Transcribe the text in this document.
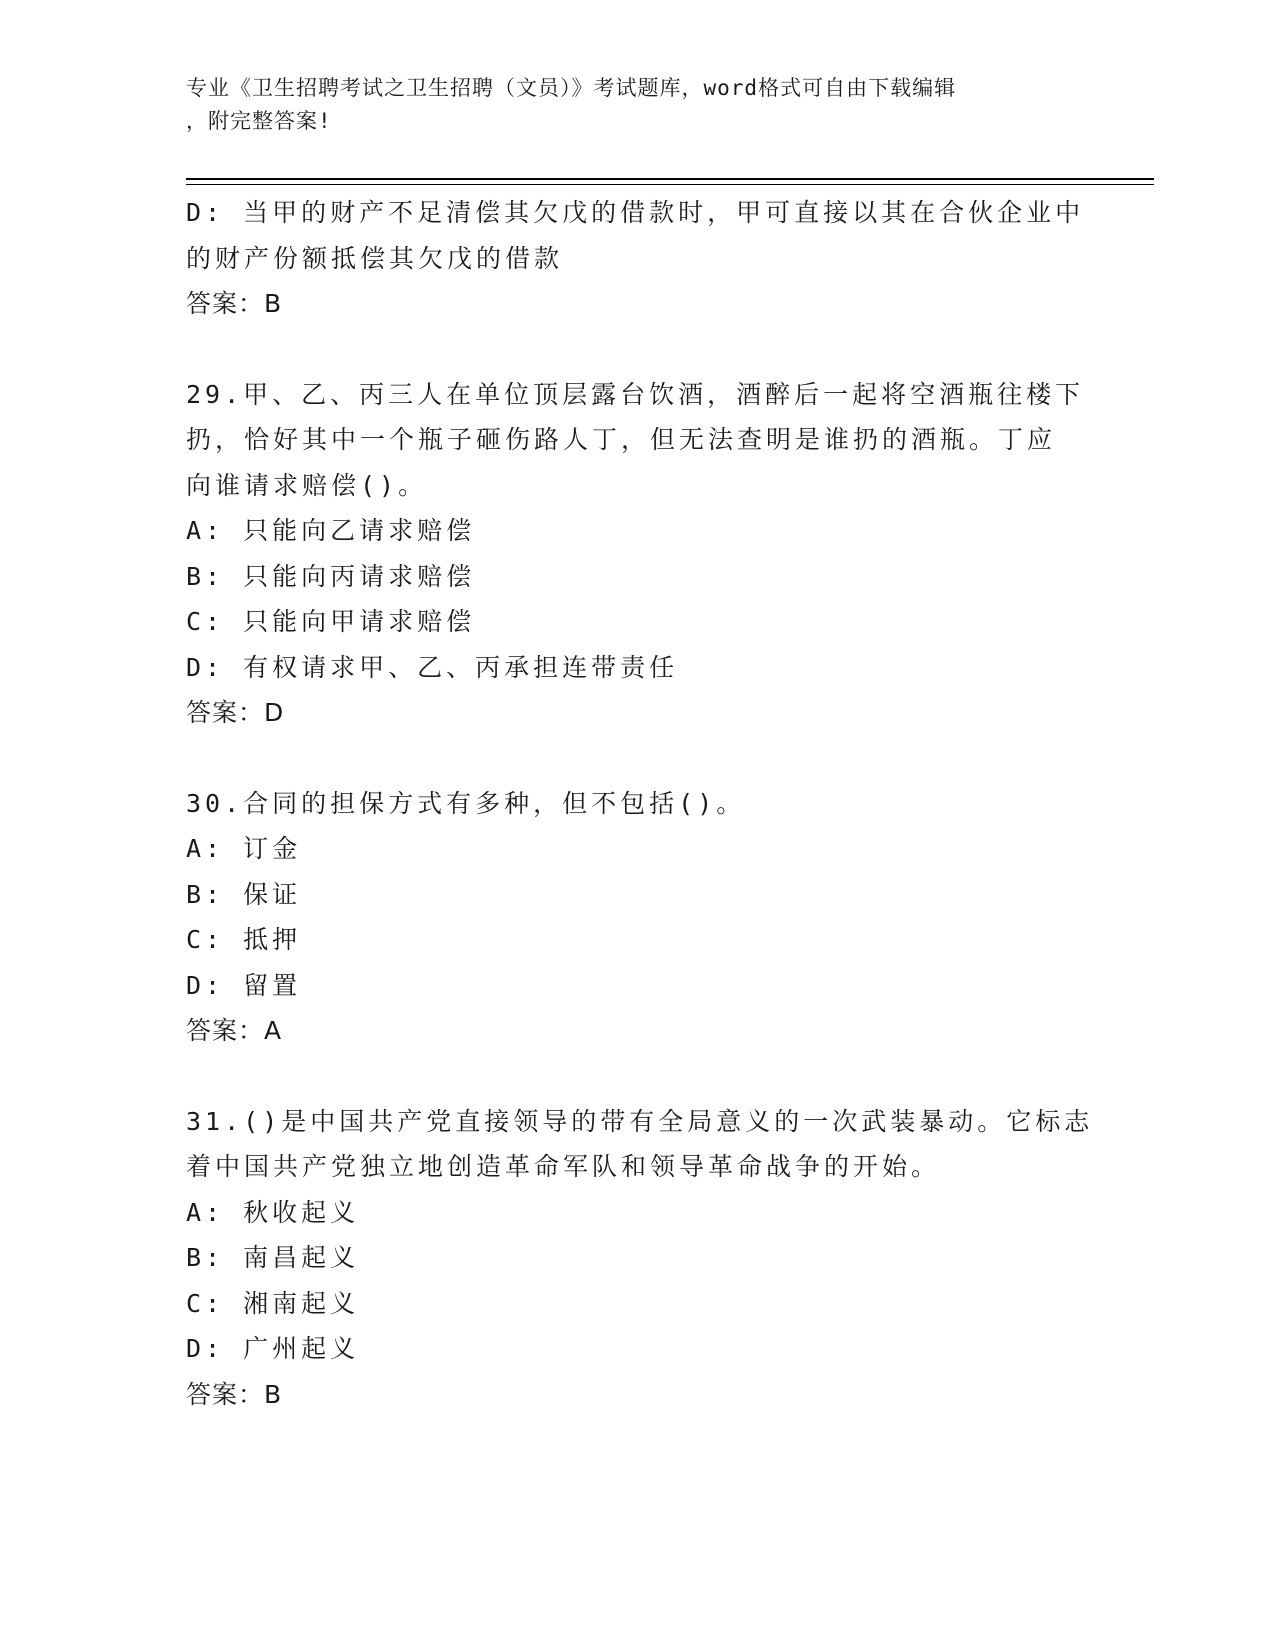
专业《卫生招聘考试之卫生招聘（文员）》考试题库，word格式可自由下载编辑

，附完整答案!

D: 当甲的财产不足清偿其欠戊的借款时，甲可直接以其在合伙企业中

的财产份额抵偿其欠戊的借款

答案：B

29.甲、乙、丙三人在单位顶层露台饮酒，酒醉后一起将空酒瓶往楼下

扔，恰好其中一个瓶子砸伤路人丁，但无法查明是谁扔的酒瓶。丁应

向谁请求赔偿()。

A: 只能向乙请求赔偿

B: 只能向丙请求赔偿

C: 只能向甲请求赔偿

D: 有权请求甲、乙、丙承担连带责任

答案：D

30.合同的担保方式有多种，但不包括()。

A: 订金

B: 保证

C: 抵押

D: 留置

答案：A

31.()是中国共产党直接领导的带有全局意义的一次武装暴动。它标志

着中国共产党独立地创造革命军队和领导革命战争的开始。

A: 秋收起义

B: 南昌起义

C: 湘南起义

D: 广州起义

答案：B
